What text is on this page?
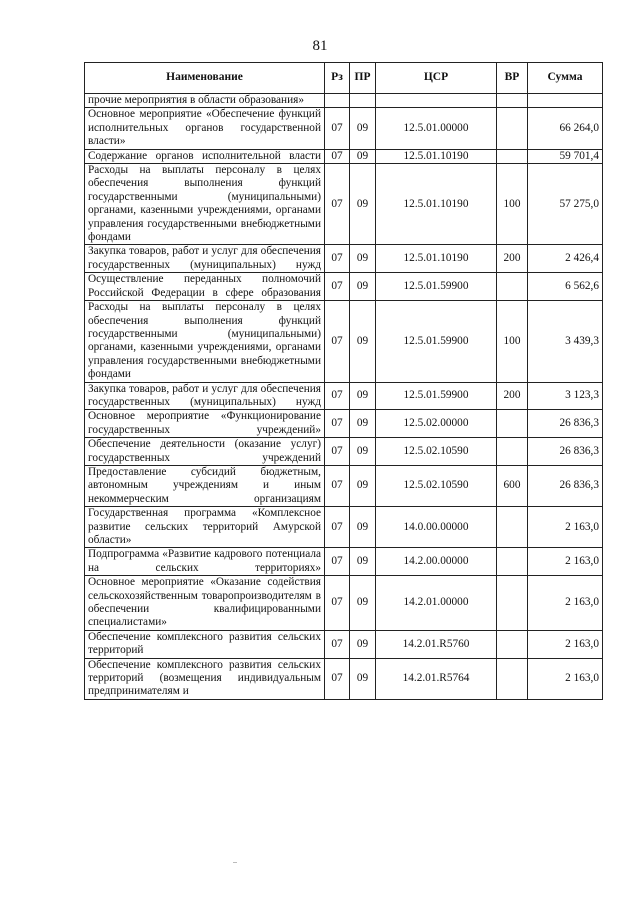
81
Наименование	Рз	ПР	ЦСР	ВР	Сумма
прочие мероприятия в области образования»					
Основное мероприятие «Обеспечение функций исполнительных органов государственной власти»	07	09	12.5.01.00000		66 264,0
Содержание органов исполнительной власти	07	09	12.5.01.10190		59 701,4
Расходы на выплаты персоналу в целях обеспечения выполнения функций государственными (муниципальными) органами, казенными учреждениями, органами управления государственными внебюджетными фондами	07	09	12.5.01.10190	100	57 275,0
Закупка товаров, работ и услуг для обеспечения государственных (муниципальных) нужд	07	09	12.5.01.10190	200	2 426,4
Осуществление переданных полномочий Российской Федерации в сфере образования	07	09	12.5.01.59900		6 562,6
Расходы на выплаты персоналу в целях обеспечения выполнения функций государственными (муниципальными) органами, казенными учреждениями, органами управления государственными внебюджетными фондами	07	09	12.5.01.59900	100	3 439,3
Закупка товаров, работ и услуг для обеспечения государственных (муниципальных) нужд	07	09	12.5.01.59900	200	3 123,3
Основное мероприятие «Функционирование государственных учреждений»	07	09	12.5.02.00000		26 836,3
Обеспечение деятельности (оказание услуг) государственных учреждений	07	09	12.5.02.10590		26 836,3
Предоставление субсидий бюджетным, автономным учреждениям и иным некоммерческим организациям	07	09	12.5.02.10590	600	26 836,3
Государственная программа «Комплексное развитие сельских территорий Амурской области»	07	09	14.0.00.00000		2 163,0
Подпрограмма «Развитие кадрового потенциала на сельских территориях»	07	09	14.2.00.00000		2 163,0
Основное мероприятие «Оказание содействия сельскохозяйственным товаропроизводителям в обеспечении квалифицированными специалистами»	07	09	14.2.01.00000		2 163,0
Обеспечение комплексного развития сельских территорий	07	09	14.2.01.R5760		2 163,0
Обеспечение комплексного развития сельских территорий (возмещения индивидуальным предпринимателям и	07	09	14.2.01.R5764		2 163,0
